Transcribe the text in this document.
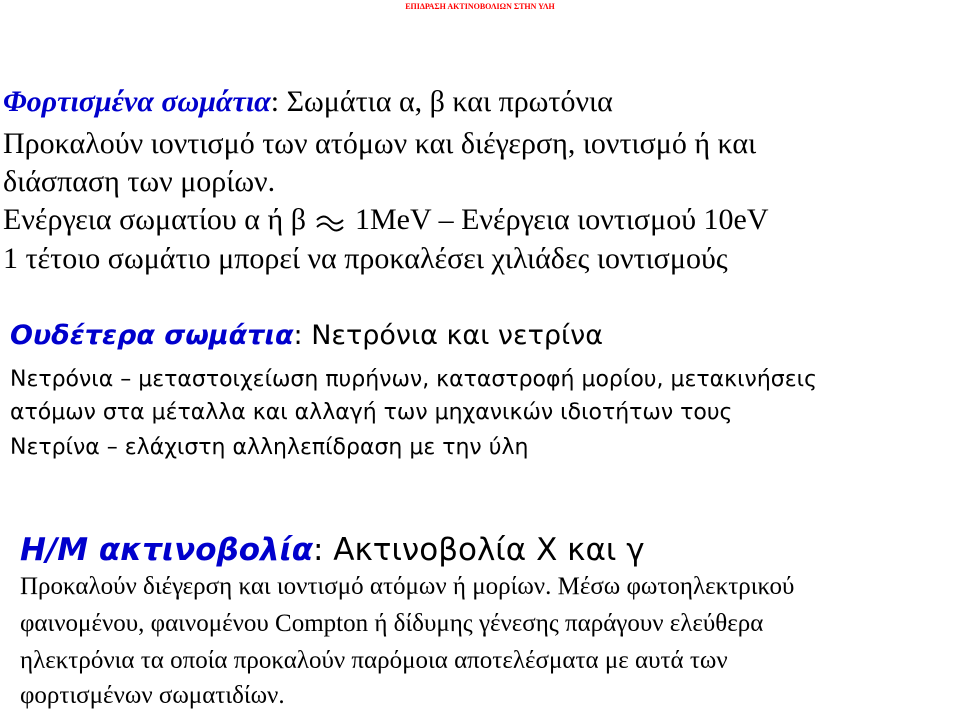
ΕΠΙΔΡΑΣΗ ΑΚΤΙΝΟΒΟΛΙΩΝ ΣΤΗΝ ΥΛΗ
Φορτισμένα σωμάτια: Σωμάτια α, β και πρωτόνια
Προκαλούν ιοντισμό των ατόμων και διέγερση, ιοντισμό ή και
διάσπαση των μορίων.
Ενέργεια σωματίου α ή β 1MeV – Ενέργεια ιοντισμού 10eV
1 τέτοιο σωμάτιο μπορεί να προκαλέσει χιλιάδες ιοντισμούς
Ουδέτερα σωμάτια: Νετρόνια και νετρίνα
Νετρόνια – μεταστοιχείωση πυρήνων, καταστροφή μορίου, μετακινήσεις
ατόμων στα μέταλλα και αλλαγή των μηχανικών ιδιοτήτων τους
Νετρίνα – ελάχιστη αλληλεπίδραση με την ύλη
Η/Μ ακτινοβολία: Ακτινοβολία Χ και γ
Προκαλούν διέγερση και ιοντισμό ατόμων ή μορίων. Μέσω φωτοηλεκτρικού
φαινομένου, φαινομένου Compton ή δίδυμης γένεσης παράγουν ελεύθερα
ηλεκτρόνια τα οποία προκαλούν παρόμοια αποτελέσματα με αυτά των
φορτισμένων σωματιδίων.
